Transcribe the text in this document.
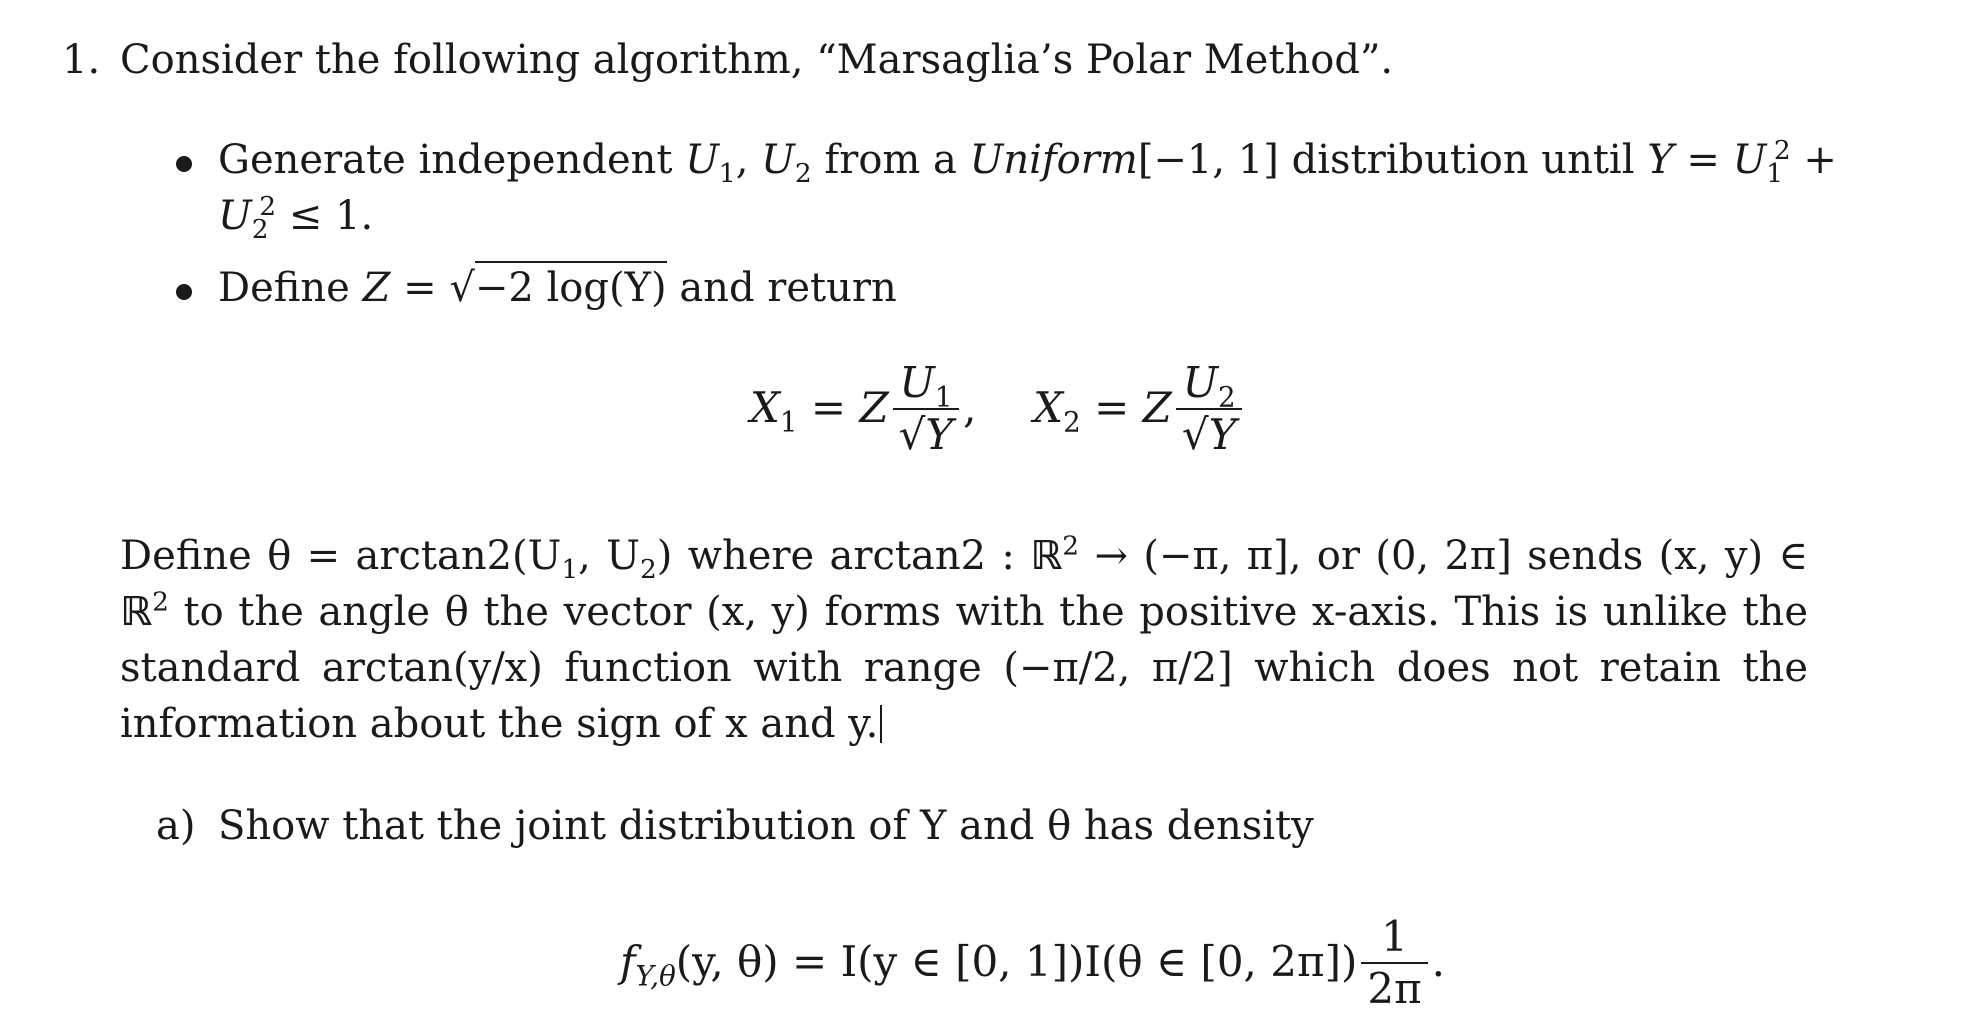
1. Consider the following algorithm, “Marsaglia’s Polar Method”.
Generate independent $U_1$, $U_2$ from a Uniform[−1, 1] distribution until $Y = U_1^2$ +
$U_2^2 \le 1$.
Define Z = √−2 log(Y) and return
$X_1 = Z \frac{U_1}{√Y}$ ,  $X_2 = Z \frac{U_2}{√Y}$
Define $\theta = \arctan 2(U_1$, $U_2$) where arctan2 : ℝ$^2$ → (−π, π], or (0, 2π] sends (x, y) ∈ ℝ$^2$ to the angle θ the vector (x, y) forms with the positive x-axis. This is unlike the standard arctan(y/x) function with range (−π/2, π/2] which does not retain the information about the sign of x and y.
a) Show that the joint distribution of Y and θ has density
$f_{Y,\theta}(y$, θ) = I(y ∈ [0, 1])I(θ ∈ [0, $2\pi]) \frac{1}{2\pi}$ .
